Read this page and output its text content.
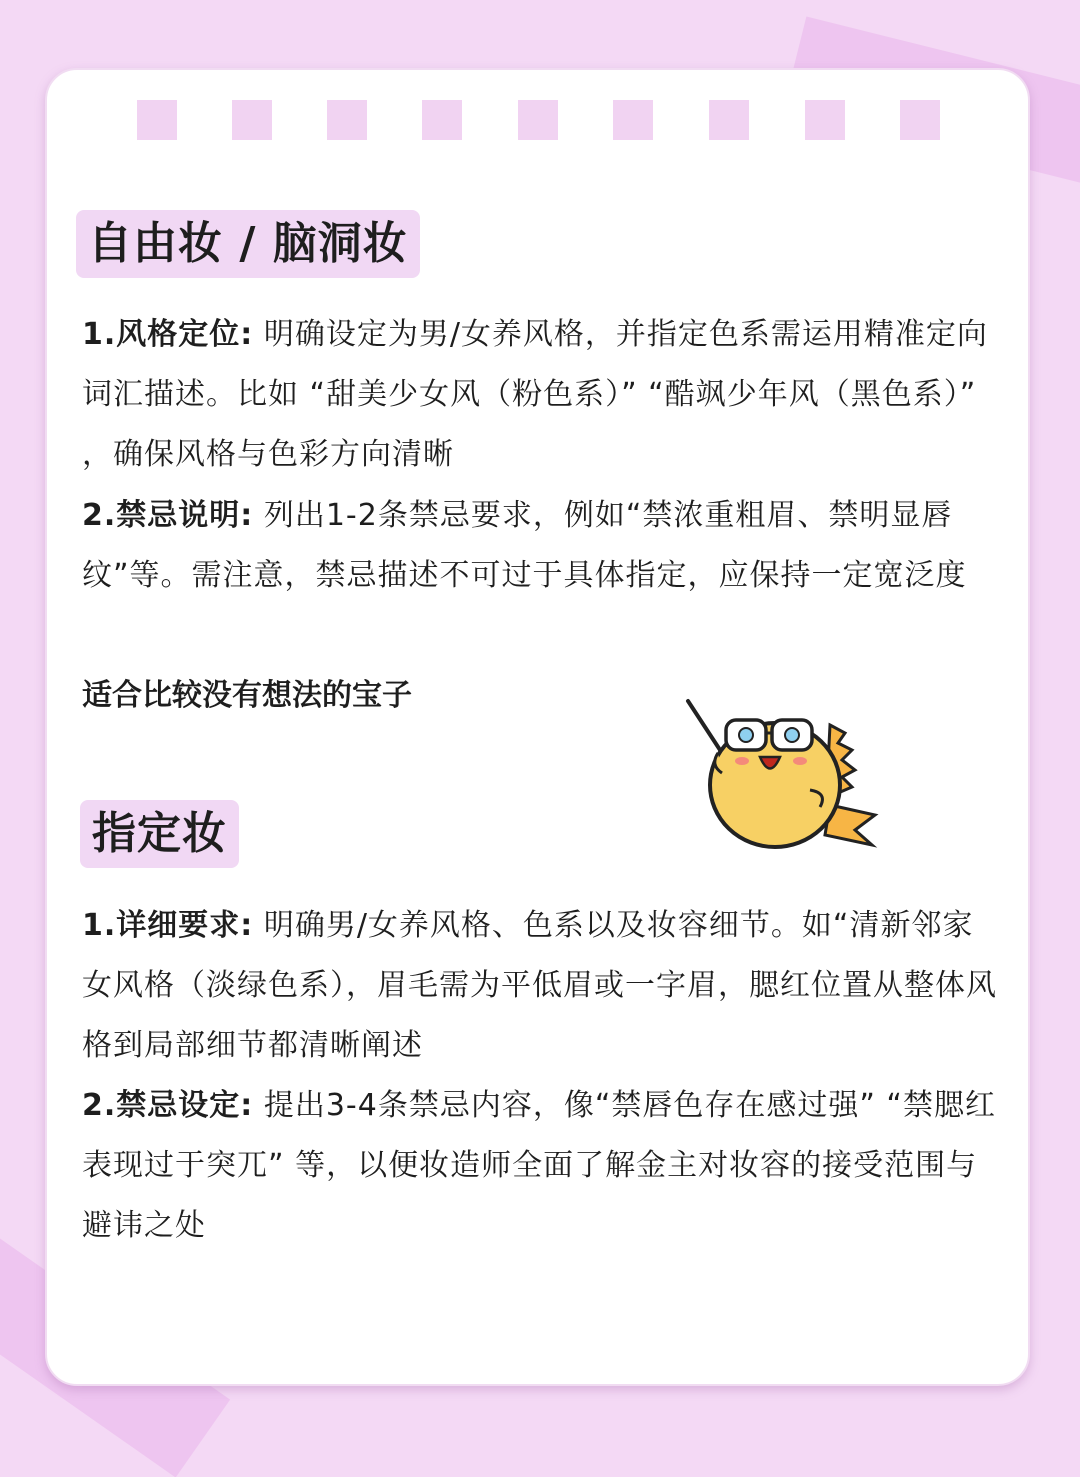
自由妆 / 脑洞妆
1.风格定位: 明确设定为男/女养风格，并指定色系需运用精准定向词汇描述。比如 “甜美少女风（粉色系）” “酷飒少年风（黑色系）” ，确保风格与色彩方向清晰
2.禁忌说明: 列出1-2条禁忌要求，例如“禁浓重粗眉、禁明显唇纹”等。需注意，禁忌描述不可过于具体指定，应保持一定宽泛度
适合比较没有想法的宝子
指定妆
1.详细要求: 明确男/女养风格、色系以及妆容细节。如“清新邻家女风格（淡绿色系），眉毛需为平低眉或一字眉，腮红位置从整体风格到局部细节都清晰阐述
2.禁忌设定: 提出3-4条禁忌内容，像“禁唇色存在感过强” “禁腮红表现过于突兀” 等，以便妆造师全面了解金主对妆容的接受范围与避讳之处
